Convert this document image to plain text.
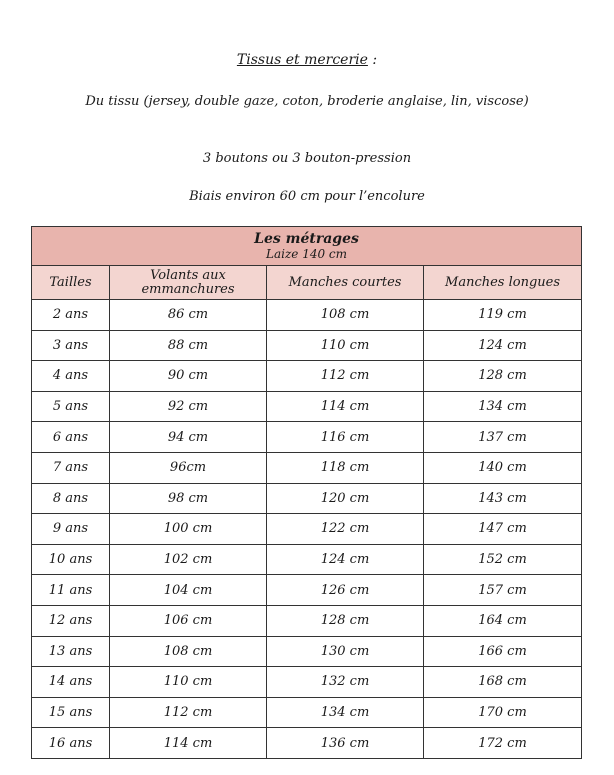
Tissus et mercerie :
Du tissu (jersey, double gaze, coton, broderie anglaise, lin, viscose)
3 boutons ou 3 bouton-pression
Biais environ 60 cm pour l’encolure
Les métrages
Laize 140 cm			

Tailles	Volants aux emmanchures	Manches courtes	Manches longues
2 ans	86 cm	108 cm	119 cm
3 ans	88 cm	110 cm	124 cm
4 ans	90 cm	112 cm	128 cm
5 ans	92 cm	114 cm	134 cm
6 ans	94 cm	116 cm	137 cm
7 ans	96cm	118 cm	140 cm
8 ans	98 cm	120 cm	143 cm
9 ans	100 cm	122 cm	147 cm
10 ans	102 cm	124 cm	152 cm
11 ans	104 cm	126 cm	157 cm
12 ans	106 cm	128 cm	164 cm
13 ans	108 cm	130 cm	166 cm
14 ans	110 cm	132 cm	168 cm
15 ans	112 cm	134 cm	170 cm
16 ans	114 cm	136 cm	172 cm
